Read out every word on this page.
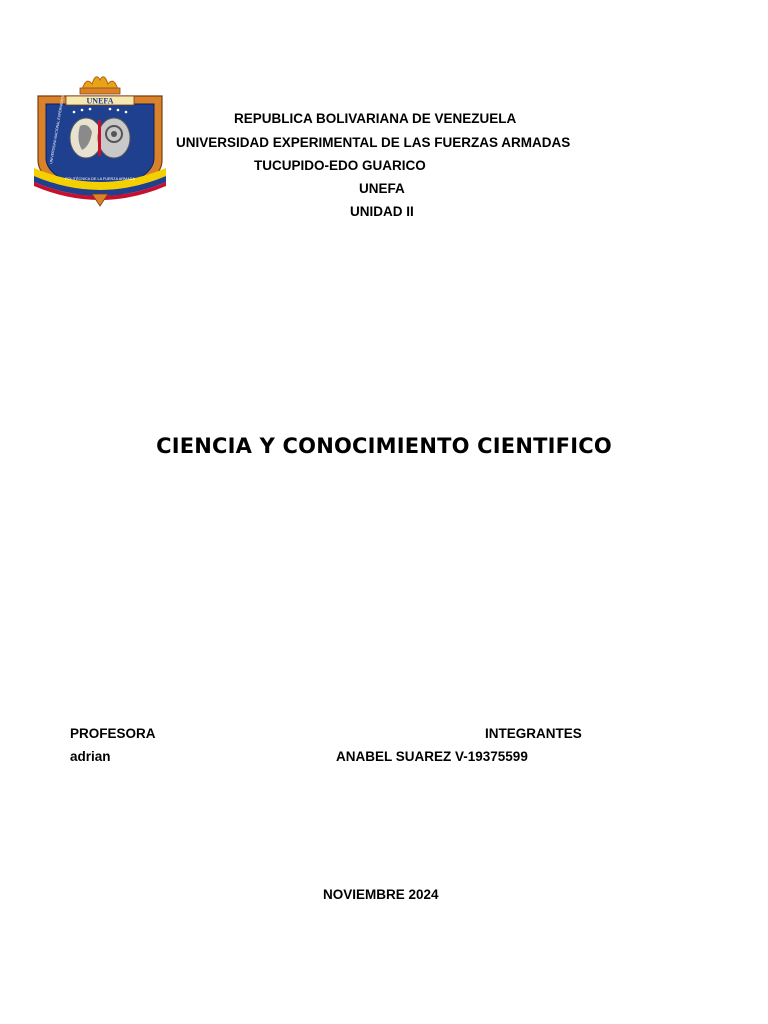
UNEFA
UNIVERSIDAD NACIONAL EXPERIMENTAL
POLITÉCNICA DE LA FUERZA ARMADA
REPUBLICA BOLIVARIANA DE VENEZUELA
UNIVERSIDAD EXPERIMENTAL DE LAS FUERZAS ARMADAS
TUCUPIDO-EDO GUARICO
UNEFA
UNIDAD II
CIENCIA Y CONOCIMIENTO CIENTIFICO
PROFESORA	INTEGRANTES
adrian	ANABEL SUAREZ V-19375599
NOVIEMBRE 2024
